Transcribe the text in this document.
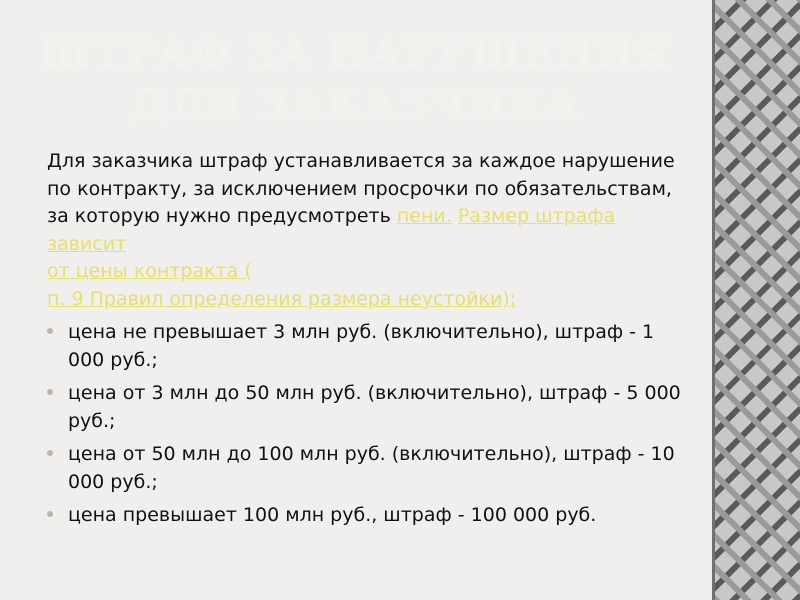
ШТРАФ ЗА НАРУШЕНИЯ
ДЛЯ ЗАКАЗЧИКА

Для заказчика штраф устанавливается за каждое нарушение по контракту, за исключением просрочки по обязательствам, за которую нужно предусмотреть пени. Размер штрафа зависит
от цены контракта (
п. 9 Правил определения размера неустойки):

цена не превышает 3 млн руб. (включительно), штраф - 1 000 руб.;
цена от 3 млн до 50 млн руб. (включительно), штраф - 5 000 руб.;
цена от 50 млн до 100 млн руб. (включительно), штраф - 10 000 руб.;
цена превышает 100 млн руб., штраф - 100 000 руб.
